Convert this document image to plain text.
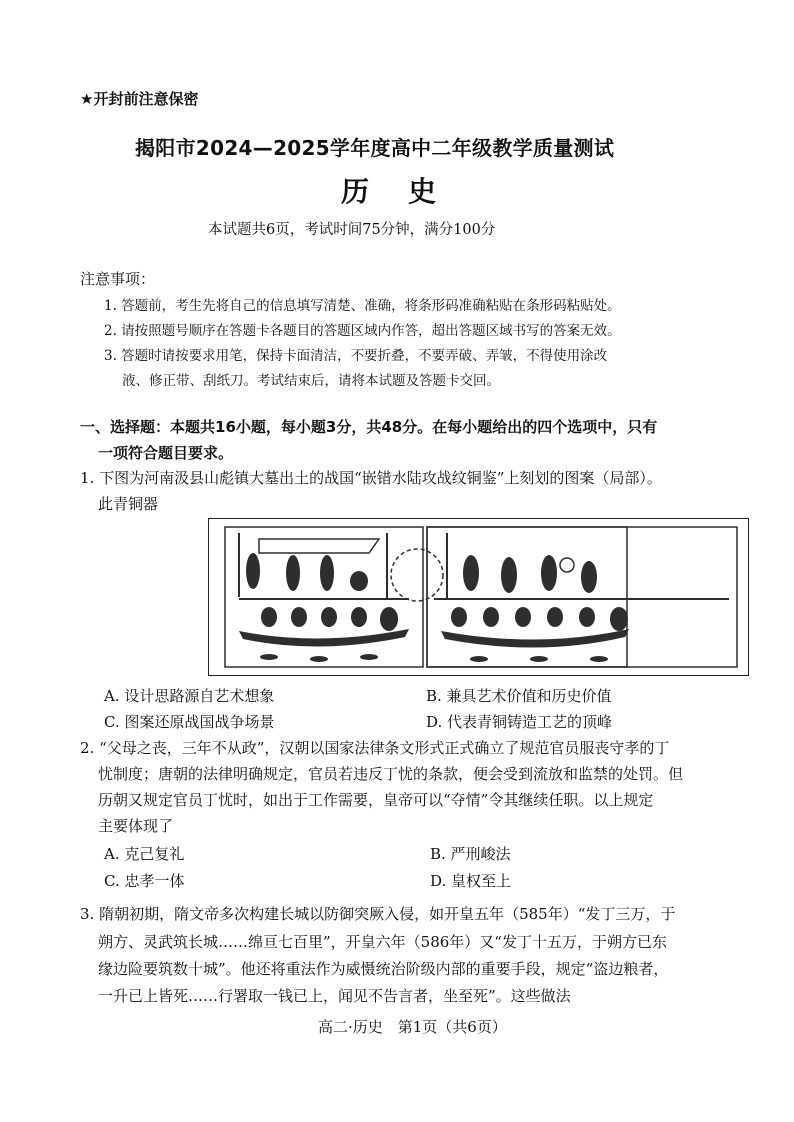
★开封前注意保密
揭阳市2024—2025学年度高中二年级教学质量测试
历    史
本试题共6页，考试时间75分钟，满分100分
注意事项：
1. 答题前，考生先将自己的信息填写清楚、准确，将条形码准确粘贴在条形码粘贴处。
2. 请按照题号顺序在答题卡各题目的答题区域内作答，超出答题区域书写的答案无效。
3. 答题时请按要求用笔，保持卡面清洁，不要折叠，不要弄破、弄皱，不得使用涂改
液、修正带、刮纸刀。考试结束后，请将本试题及答题卡交回。
一、选择题：本题共16小题，每小题3分，共48分。在每小题给出的四个选项中，只有
一项符合题目要求。
1. 下图为河南汲县山彪镇大墓出土的战国“嵌错水陆攻战纹铜鉴”上刻划的图案（局部）。
此青铜器
A. 设计思路源自艺术想象	B. 兼具艺术价值和历史价值
C. 图案还原战国战争场景	D. 代表青铜铸造工艺的顶峰
2. “父母之丧，三年不从政”，汉朝以国家法律条文形式正式确立了规范官员服丧守孝的丁
忧制度；唐朝的法律明确规定，官员若违反丁忧的条款，便会受到流放和监禁的处罚。但
历朝又规定官员丁忧时，如出于工作需要，皇帝可以“夺情”令其继续任职。以上规定
主要体现了
A. 克己复礼	B. 严刑峻法
C. 忠孝一体	D. 皇权至上
3. 隋朝初期，隋文帝多次构建长城以防御突厥入侵，如开皇五年（585年）“发丁三万，于
朔方、灵武筑长城……绵亘七百里”，开皇六年（586年）又“发丁十五万，于朔方已东
缘边险要筑数十城”。他还将重法作为威慑统治阶级内部的重要手段，规定“盗边粮者，
一升已上皆死……行署取一钱已上，闻见不告言者，坐至死”。这些做法
高二·历史　第1页（共6页）
